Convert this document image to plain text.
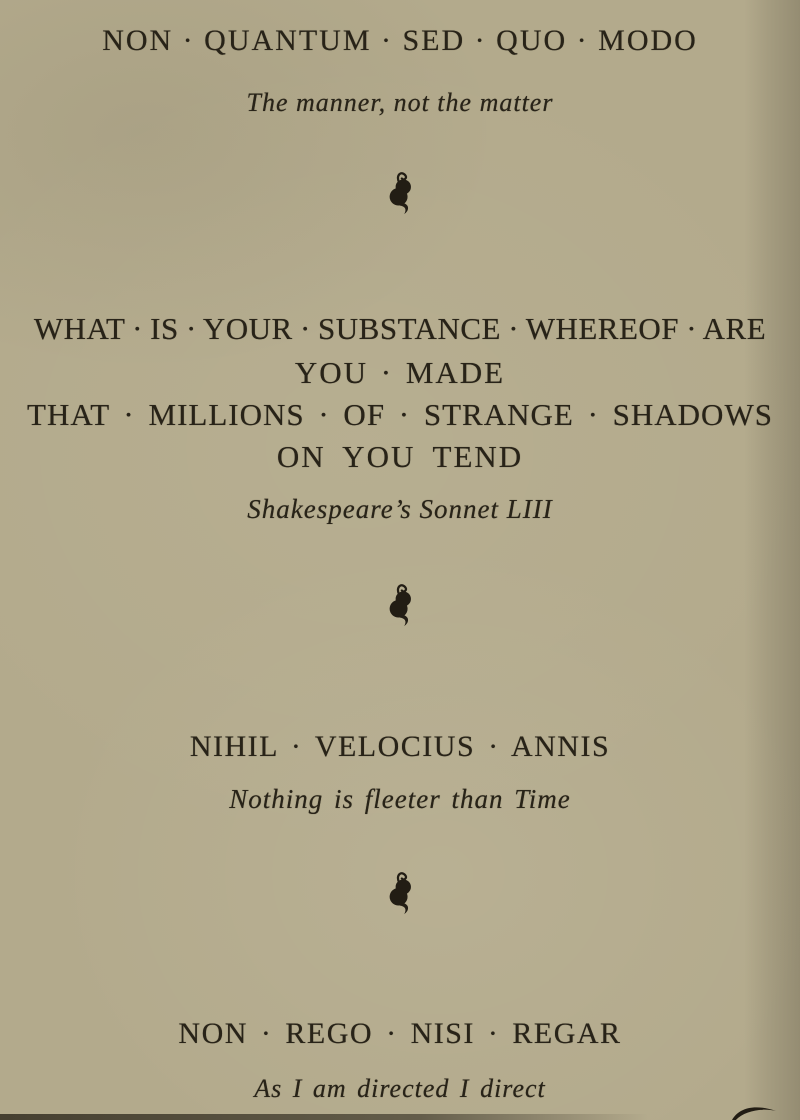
NON · QUANTUM · SED · QUO · MODO
The manner, not the matter
WHAT · IS · YOUR · SUBSTANCE · WHEREOF · ARE
YOU · MADE
THAT · MILLIONS · OF · STRANGE · SHADOWS
ON YOU TEND
Shakespeare’s Sonnet LIII
NIHIL · VELOCIUS · ANNIS
Nothing is fleeter than Time
NON · REGO · NISI · REGAR
As I am directed I direct
